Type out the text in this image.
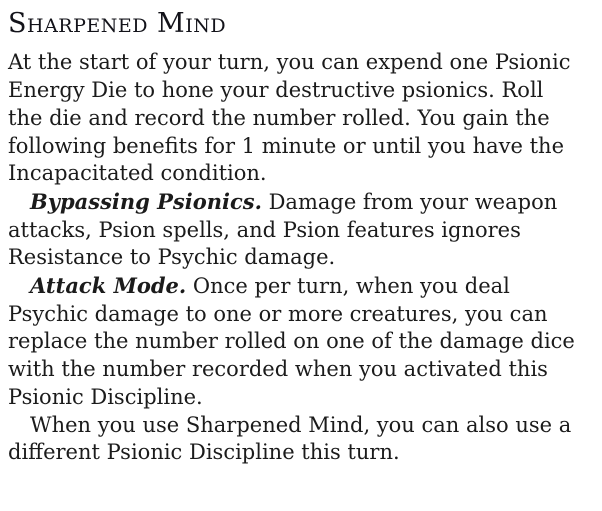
Sharpened Mind

At the start of your turn, you can expend one Psionic
Energy Die to hone your destructive psionics. Roll
the die and record the number rolled. You gain the
following benefits for 1 minute or until you have the
Incapacitated condition.

Bypassing Psionics. Damage from your weapon
attacks, Psion spells, and Psion features ignores
Resistance to Psychic damage.

Attack Mode. Once per turn, when you deal
Psychic damage to one or more creatures, you can
replace the number rolled on one of the damage dice
with the number recorded when you activated this
Psionic Discipline.

When you use Sharpened Mind, you can also use a
different Psionic Discipline this turn.
